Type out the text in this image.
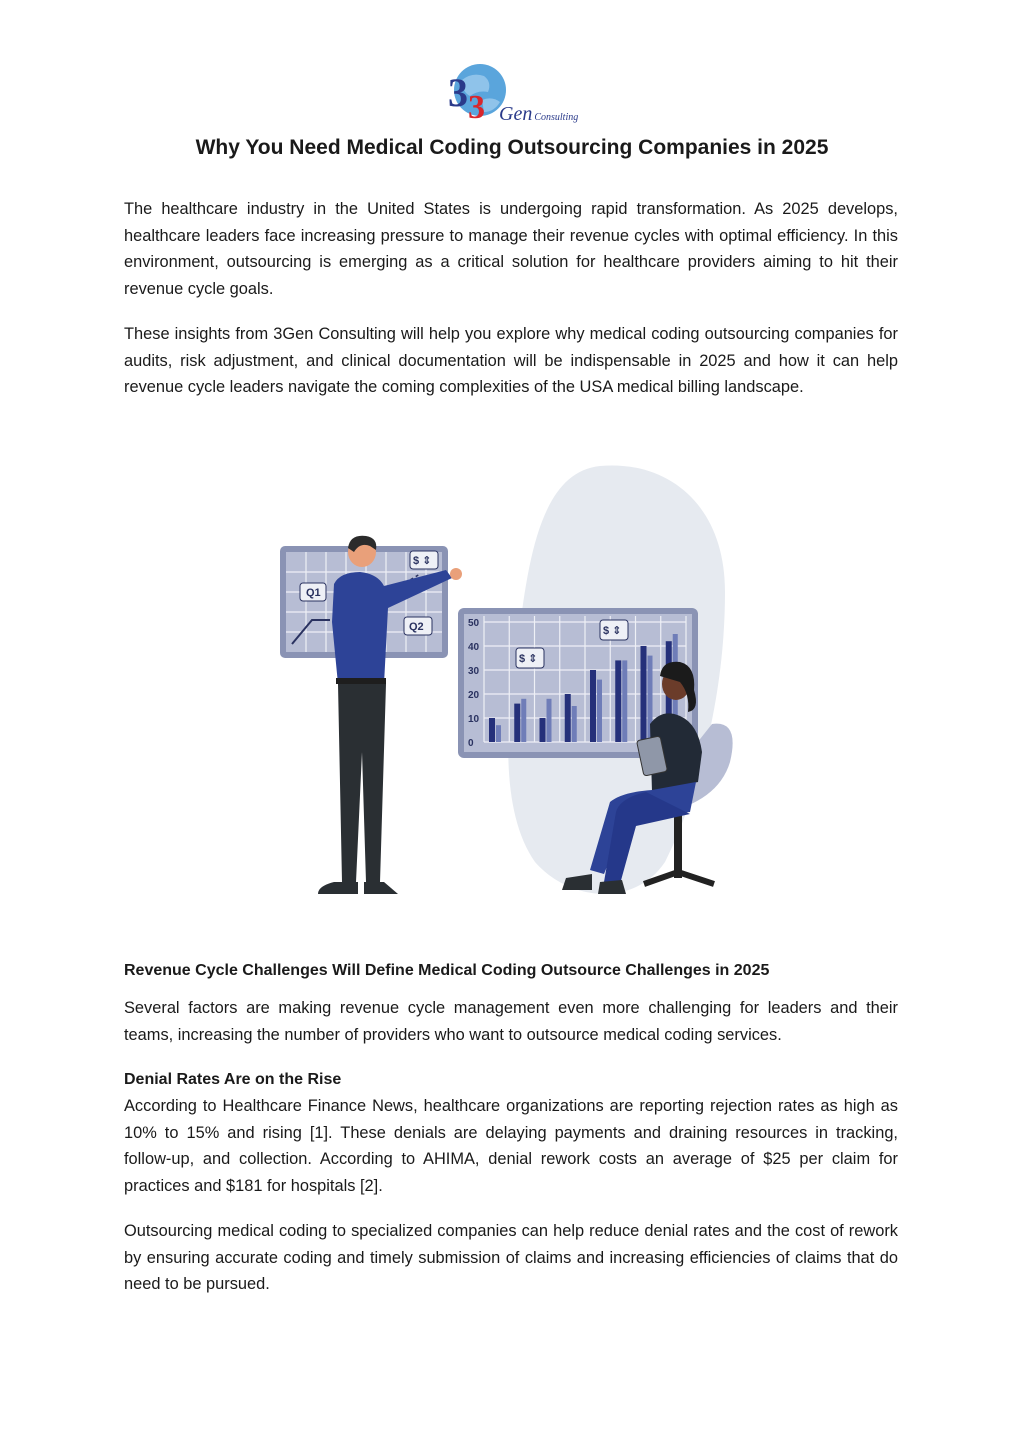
3 3 Gen Consulting
Why You Need Medical Coding Outsourcing Companies in 2025

The healthcare industry in the United States is undergoing rapid transformation. As 2025 develops, healthcare leaders face increasing pressure to manage their revenue cycles with optimal efficiency. In this environment, outsourcing is emerging as a critical solution for healthcare providers aiming to hit their revenue cycle goals.

These insights from 3Gen Consulting will help you explore why medical coding outsourcing companies for audits, risk adjustment, and clinical documentation will be indispensable in 2025 and how it can help revenue cycle leaders navigate the coming complexities of the USA medical billing landscape.

Q1
Q2
$ ⇕
50
40
30
20
10
0
$ ⇕
$ ⇕
Revenue Cycle Challenges Will Define Medical Coding Outsource Challenges in 2025

Several factors are making revenue cycle management even more challenging for leaders and their teams, increasing the number of providers who want to outsource medical coding services.

Denial Rates Are on the Rise

According to Healthcare Finance News, healthcare organizations are reporting rejection rates as high as 10% to 15% and rising [1]. These denials are delaying payments and draining resources in tracking, follow-up, and collection. According to AHIMA, denial rework costs an average of $25 per claim for practices and $181 for hospitals [2].

Outsourcing medical coding to specialized companies can help reduce denial rates and the cost of rework by ensuring accurate coding and timely submission of claims and increasing efficiencies of claims that do need to be pursued.
